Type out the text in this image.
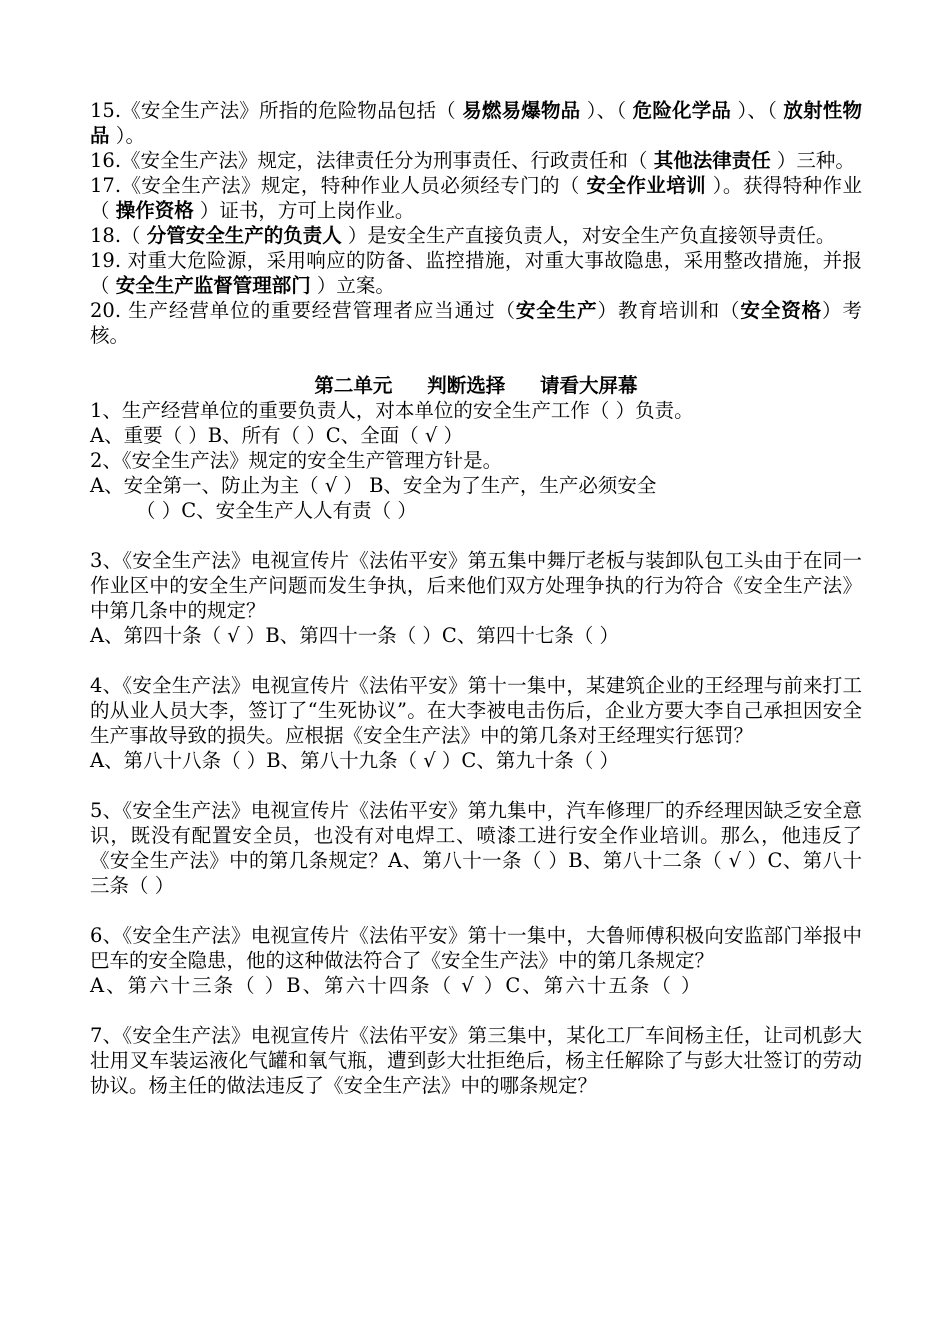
15.《安全生产法》所指的危险物品包括（ 易燃易爆物品 ）、（ 危险化学品 ）、（ 放射性物品 ）。

16.《安全生产法》规定，法律责任分为刑事责任、行政责任和（ 其他法律责任 ）三种。

17.《安全生产法》规定，特种作业人员必须经专门的（ 安全作业培训 ）。获得特种作业（ 操作资格 ）证书，方可上岗作业。

18.（ 分管安全生产的负责人 ）是安全生产直接负责人，对安全生产负直接领导责任。

19. 对重大危险源，采用响应的防备、监控措施，对重大事故隐患，采用整改措施，并报（ 安全生产监督管理部门 ）立案。

20. 生产经营单位的重要经营管理者应当通过（安全生产）教育培训和（安全资格）考核。

第二单元 判断选择 请看大屏幕

1、生产经营单位的重要负责人，对本单位的安全生产工作（ ）负责。

A、重要（ ）B、所有（ ）C、全面（ √ ）

2、《安全生产法》规定的安全生产管理方针是。

A、安全第一、防止为主（ √ ） B、安全为了生产，生产必须安全

（ ）C、安全生产人人有责（ ）

3、《安全生产法》电视宣传片《法佑平安》第五集中舞厅老板与装卸队包工头由于在同一作业区中的安全生产问题而发生争执，后来他们双方处理争执的行为符合《安全生产法》中第几条中的规定？

A、第四十条（ √ ）B、第四十一条（ ）C、第四十七条（ ）

4、《安全生产法》电视宣传片《法佑平安》第十一集中，某建筑企业的王经理与前来打工的从业人员大李，签订了“生死协议”。在大李被电击伤后，企业方要大李自己承担因安全生产事故导致的损失。应根据《安全生产法》中的第几条对王经理实行惩罚？

A、第八十八条（ ）B、第八十九条（ √ ）C、第九十条（ ）

5、《安全生产法》电视宣传片《法佑平安》第九集中，汽车修理厂的乔经理因缺乏安全意识，既没有配置安全员，也没有对电焊工、喷漆工进行安全作业培训。那么，他违反了《安全生产法》中的第几条规定？A、第八十一条（ ）B、第八十二条（ √ ）C、第八十三条（ ）

6、《安全生产法》电视宣传片《法佑平安》第十一集中，大鲁师傅积极向安监部门举报中巴车的安全隐患，他的这种做法符合了《安全生产法》中的第几条规定？

A、第六十三条（ ）B、第六十四条（ √ ）C、第六十五条（ ）

7、《安全生产法》电视宣传片《法佑平安》第三集中，某化工厂车间杨主任，让司机彭大壮用叉车装运液化气罐和氧气瓶，遭到彭大壮拒绝后，杨主任解除了与彭大壮签订的劳动协议。杨主任的做法违反了《安全生产法》中的哪条规定？
